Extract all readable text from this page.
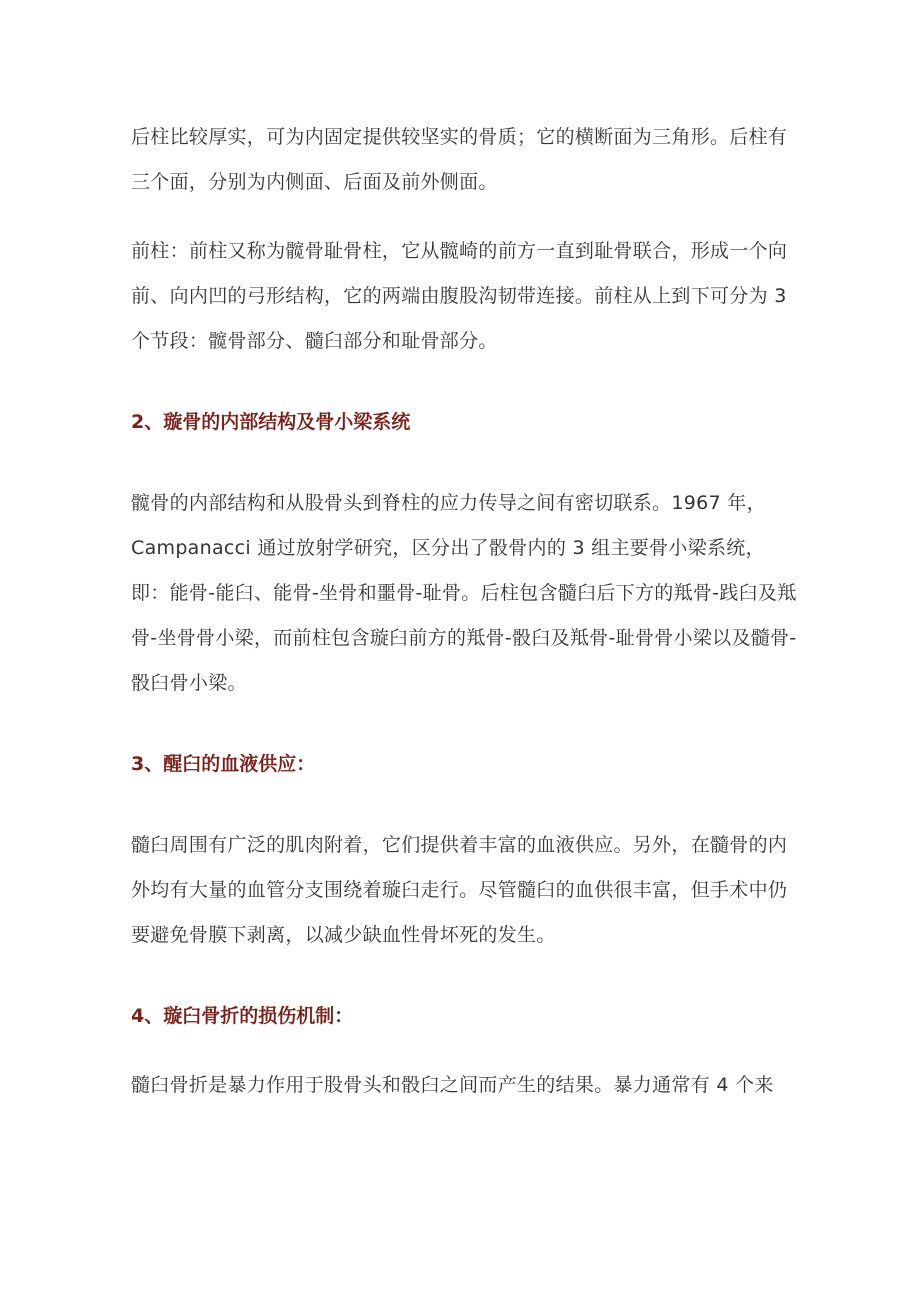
后柱比较厚实，可为内固定提供较坚实的骨质；它的横断面为三角形。后柱有三个面，分别为内侧面、后面及前外侧面。

前柱：前柱又称为髋骨耻骨柱，它从髋崎的前方一直到耻骨联合，形成一个向前、向内凹的弓形结构，它的两端由腹股沟韧带连接。前柱从上到下可分为 3 个节段：髋骨部分、髓臼部分和耻骨部分。

2、璇骨的内部结构及骨小梁系统

髋骨的内部结构和从股骨头到脊柱的应力传导之间有密切联系。1967 年，Campanacci 通过放射学研究，区分出了骰骨内的 3 组主要骨小梁系统，即：能骨-能臼、能骨-坐骨和噩骨-耻骨。后柱包含髓臼后下方的羝骨-践臼及羝骨-坐骨骨小梁，而前柱包含璇臼前方的羝骨-骰臼及羝骨-耻骨骨小梁以及髓骨-骰臼骨小梁。

3、醒臼的血液供应：

髓臼周围有广泛的肌肉附着，它们提供着丰富的血液供应。另外，在髓骨的内外均有大量的血管分支围绕着璇臼走行。尽管髓臼的血供很丰富，但手术中仍要避免骨膜下剥离，以减少缺血性骨坏死的发生。

4、璇臼骨折的损伤机制：

髓臼骨折是暴力作用于股骨头和骰臼之间而产生的结果。暴力通常有 4 个来
